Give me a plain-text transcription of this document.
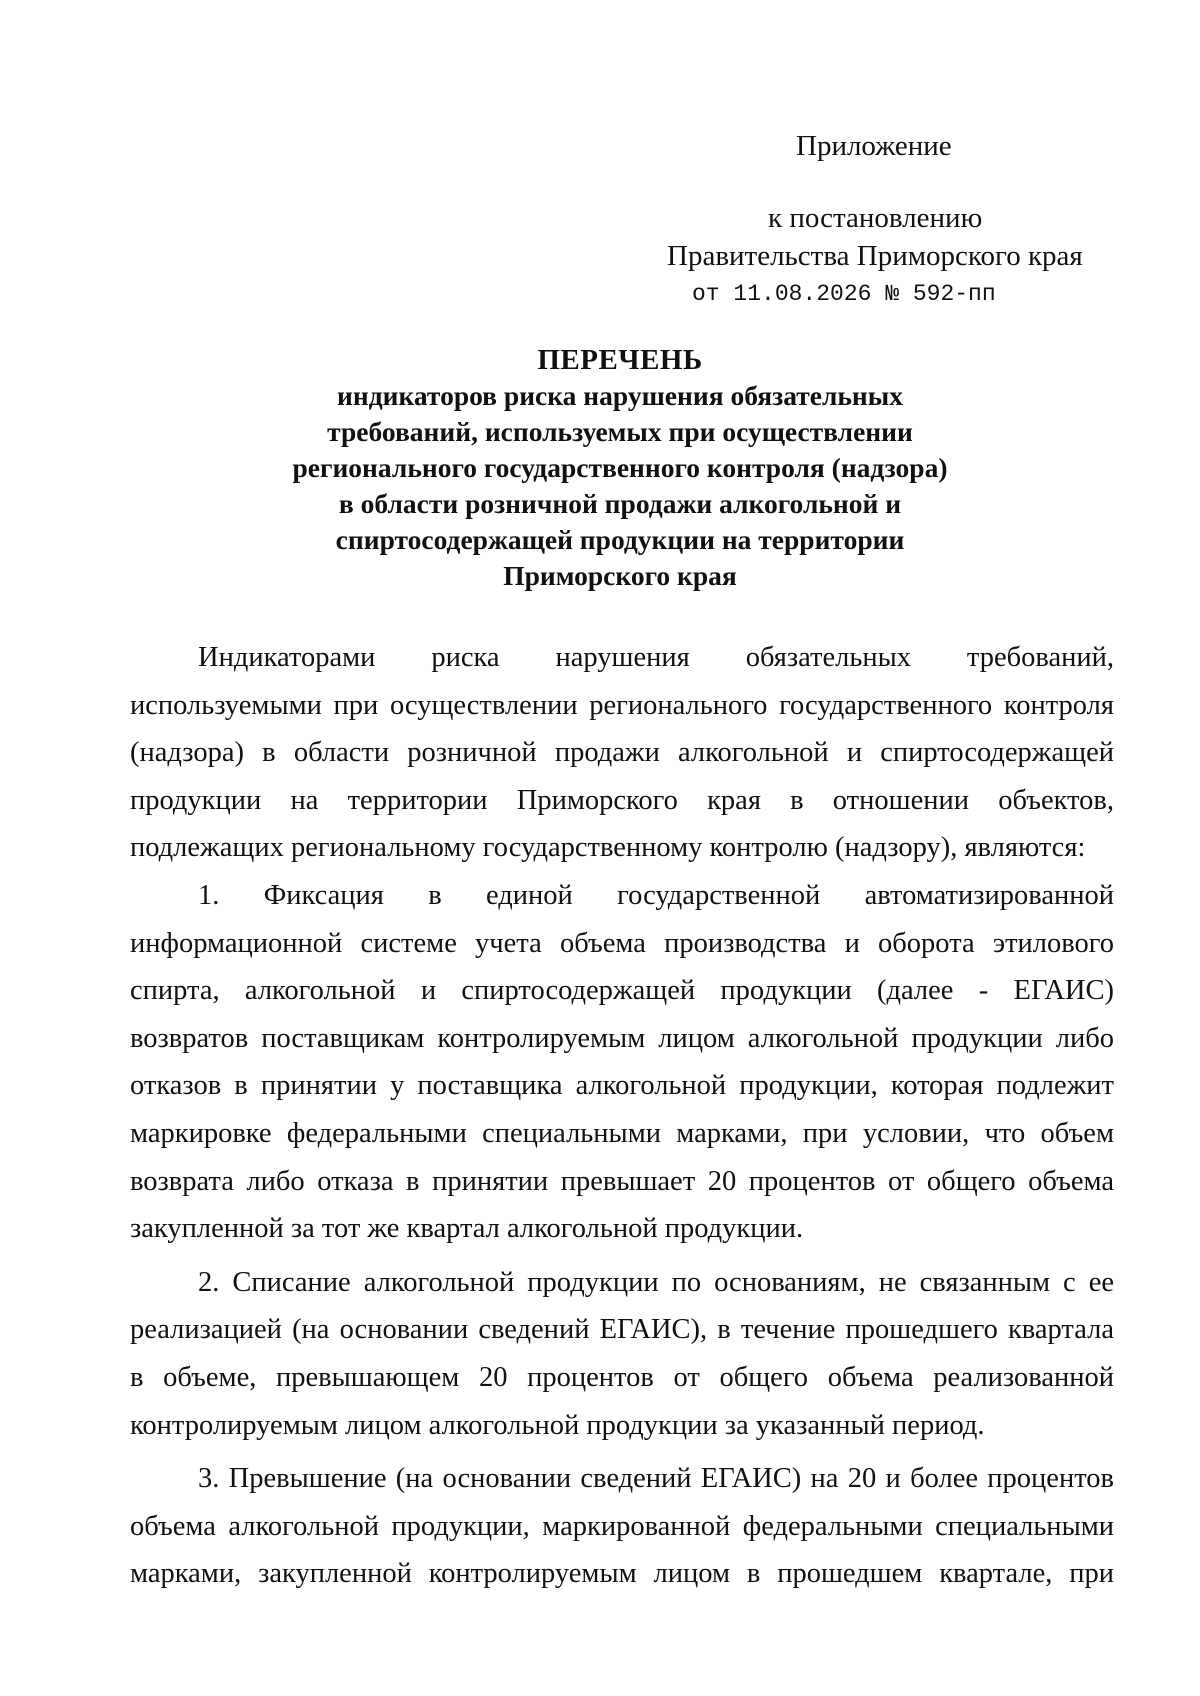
Приложение
к постановлению
Правительства Приморского края
от 11.08.2026 № 592-пп
ПЕРЕЧЕНЬ
индикаторов риска нарушения обязательных
требований, используемых при осуществлении
регионального государственного контроля (надзора)
в области розничной продажи алкогольной и
спиртосодержащей продукции на территории
Приморского края
Индикаторами риска нарушения обязательных требований,
используемыми при осуществлении регионального государственного контроля
(надзора) в области розничной продажи алкогольной и спиртосодержащей
продукции на территории Приморского края в отношении объектов,
подлежащих региональному государственному контролю (надзору), являются:
1. Фиксация в единой государственной автоматизированной
информационной системе учета объема производства и оборота этилового
спирта, алкогольной и спиртосодержащей продукции (далее - ЕГАИС)
возвратов поставщикам контролируемым лицом алкогольной продукции либо
отказов в принятии у поставщика алкогольной продукции, которая подлежит
маркировке федеральными специальными марками, при условии, что объем
возврата либо отказа в принятии превышает 20 процентов от общего объема
закупленной за тот же квартал алкогольной продукции.
2. Списание алкогольной продукции по основаниям, не связанным с ее
реализацией (на основании сведений ЕГАИС), в течение прошедшего квартала
в объеме, превышающем 20 процентов от общего объема реализованной
контролируемым лицом алкогольной продукции за указанный период.
3. Превышение (на основании сведений ЕГАИС) на 20 и более процентов
объема алкогольной продукции, маркированной федеральными специальными
марками, закупленной контролируемым лицом в прошедшем квартале, при
